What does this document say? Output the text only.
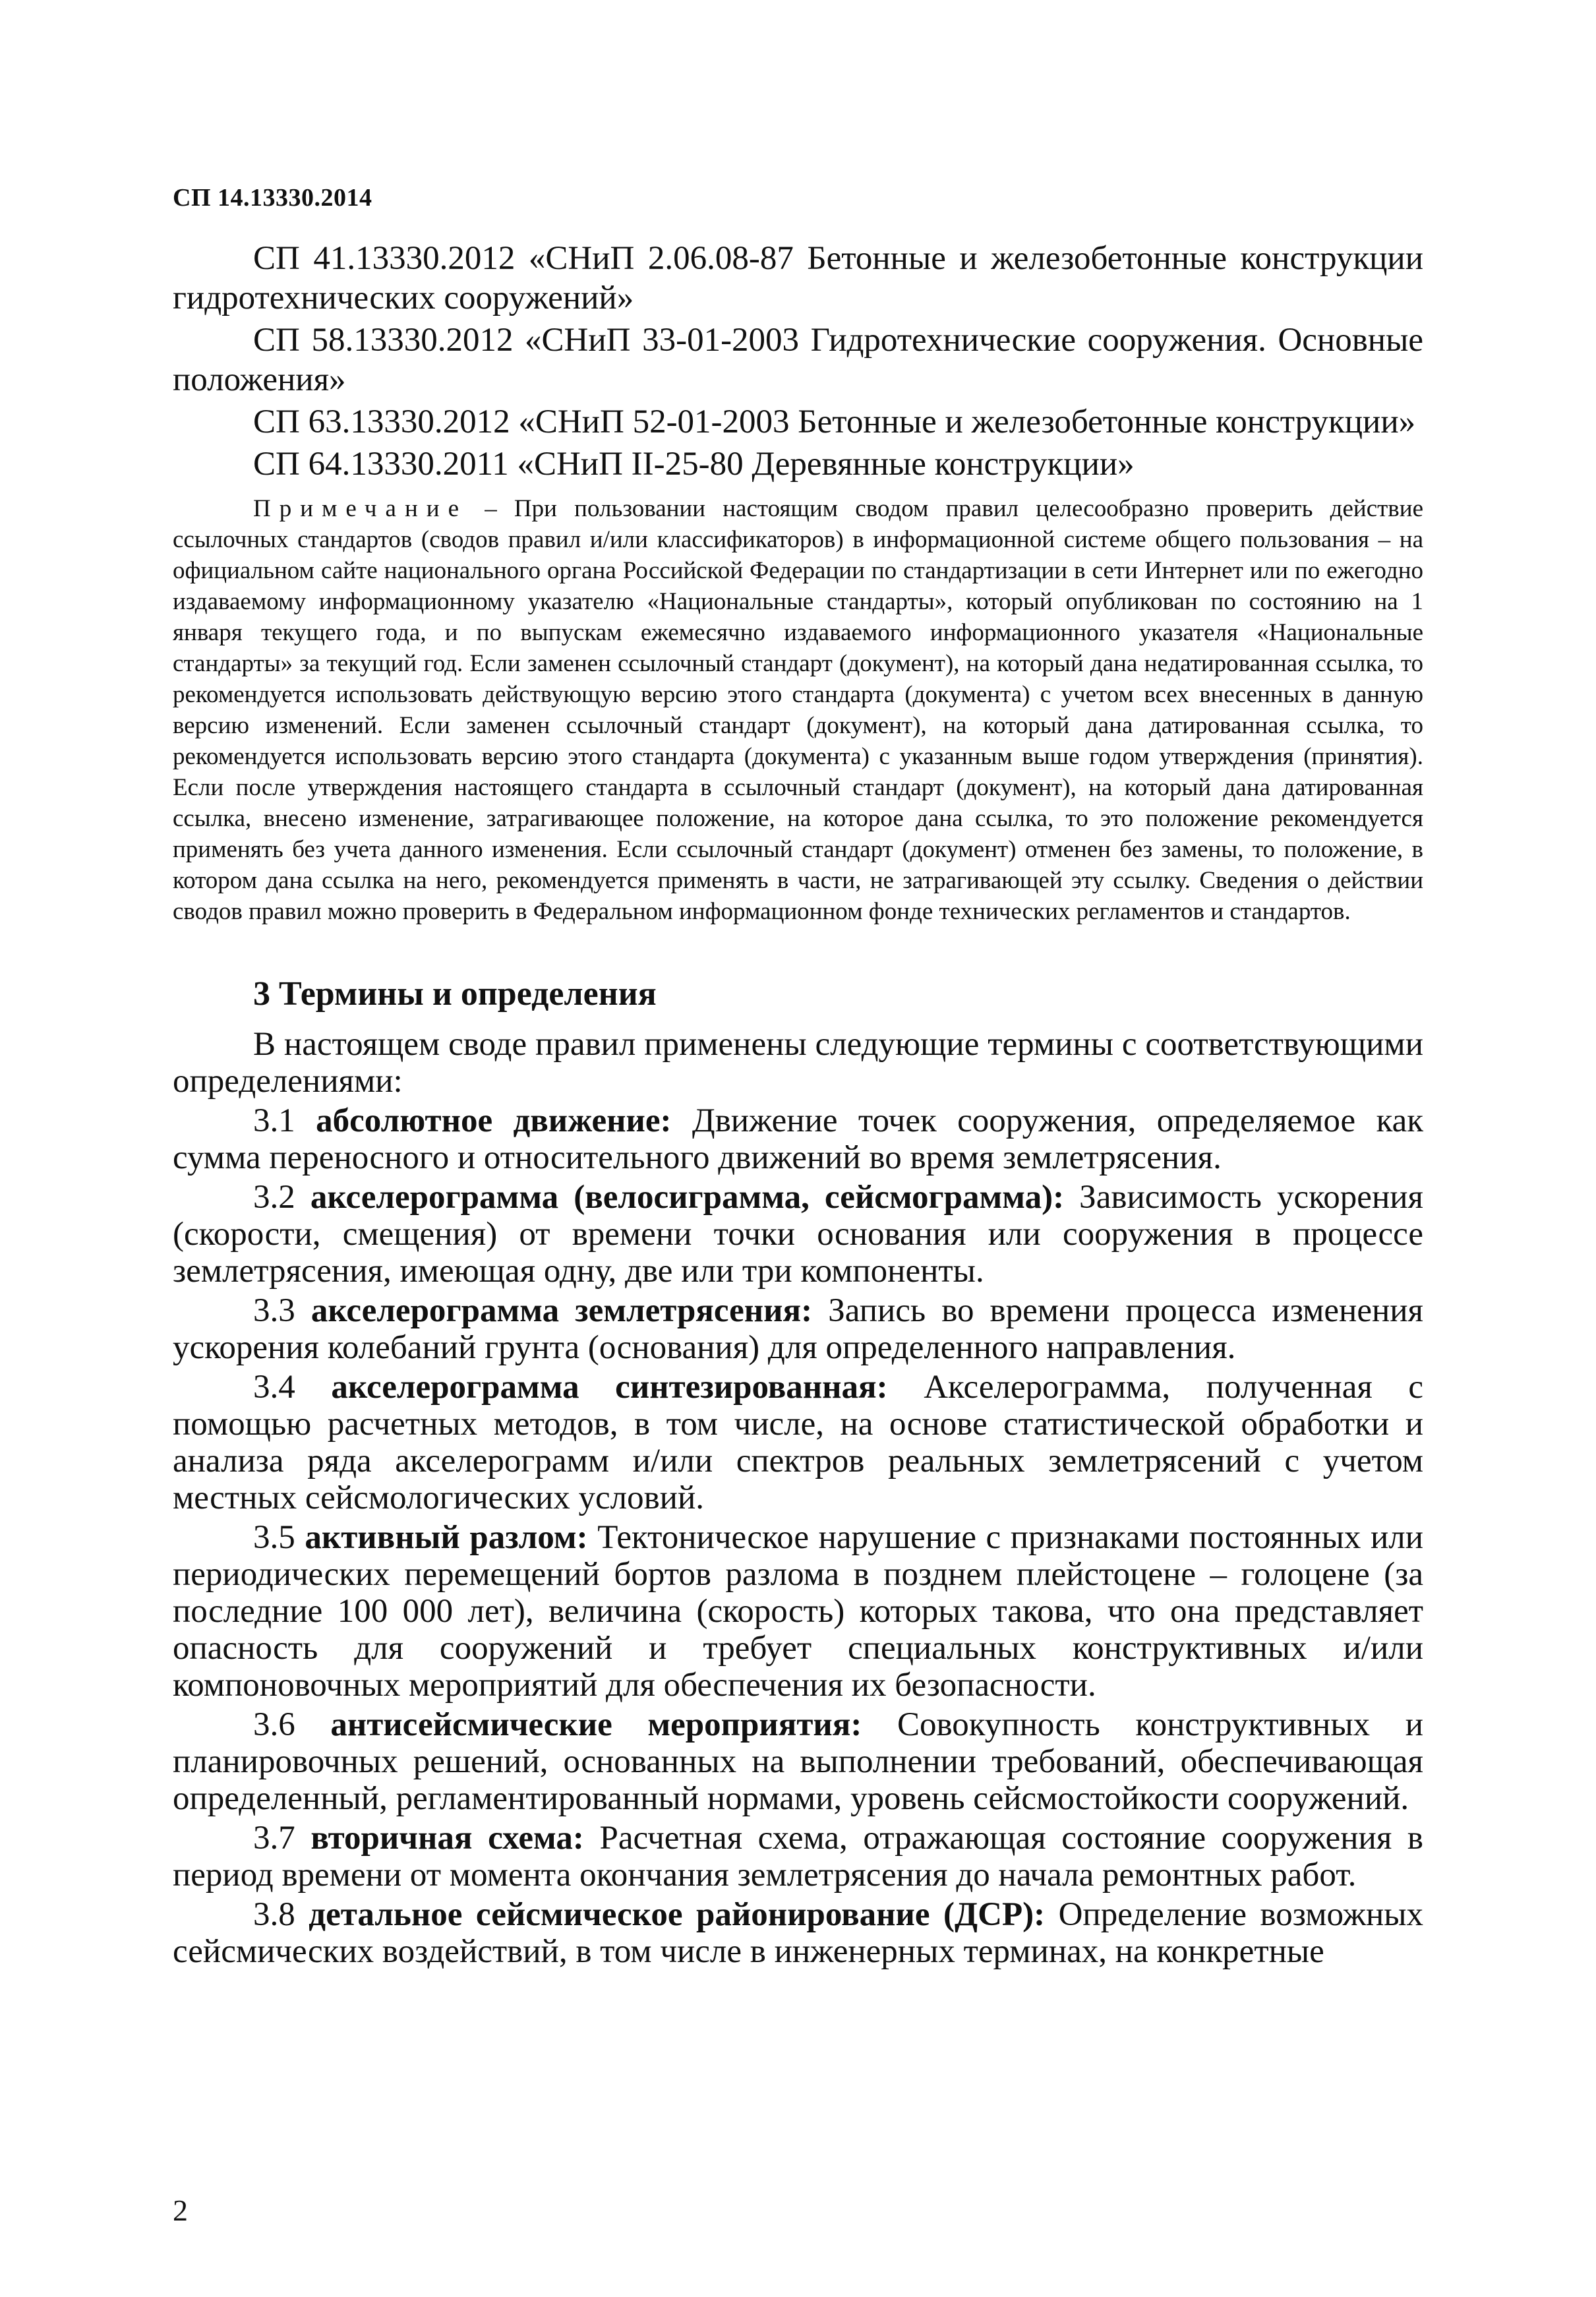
СП 14.13330.2014

СП 41.13330.2012 «СНиП 2.06.08-87 Бетонные и железобетонные конструкции гидротехнических сооружений»

СП 58.13330.2012 «СНиП 33-01-2003 Гидротехнические сооружения. Основные положения»

СП 63.13330.2012 «СНиП 52-01-2003 Бетонные и железобетонные конструкции»

СП 64.13330.2011 «СНиП II-25-80 Деревянные конструкции»

Примечание – При пользовании настоящим сводом правил целесообразно проверить действие ссылочных стандартов (сводов правил и/или классификаторов) в информационной системе общего пользования – на официальном сайте национального органа Российской Федерации по стандартизации в сети Интернет или по ежегодно издаваемому информационному указателю «Национальные стандарты», который опубликован по состоянию на 1 января текущего года, и по выпускам ежемесячно издаваемого информационного указателя «Национальные стандарты» за текущий год. Если заменен ссылочный стандарт (документ), на который дана недатированная ссылка, то рекомендуется использовать действующую версию этого стандарта (документа) с учетом всех внесенных в данную версию изменений. Если заменен ссылочный стандарт (документ), на который дана датированная ссылка, то рекомендуется использовать версию этого стандарта (документа) с указанным выше годом утверждения (принятия). Если после утверждения настоящего стандарта в ссылочный стандарт (документ), на который дана датированная ссылка, внесено изменение, затрагивающее положение, на которое дана ссылка, то это положение рекомендуется применять без учета данного изменения. Если ссылочный стандарт (документ) отменен без замены, то положение, в котором дана ссылка на него, рекомендуется применять в части, не затрагивающей эту ссылку. Сведения о действии сводов правил можно проверить в Федеральном информационном фонде технических регламентов и стандартов.

3 Термины и определения

В настоящем своде правил применены следующие термины с соответствующими определениями:

3.1 абсолютное движение: Движение точек сооружения, определяемое как сумма переносного и относительного движений во время землетрясения.

3.2 акселерограмма (велосиграмма, сейсмограмма): Зависимость ускорения (скорости, смещения) от времени точки основания или сооружения в процессе землетрясения, имеющая одну, две или три компоненты.

3.3 акселерограмма землетрясения: Запись во времени процесса изменения ускорения колебаний грунта (основания) для определенного направления.

3.4 акселерограмма синтезированная: Акселерограмма, полученная с помощью расчетных методов, в том числе, на основе статистической обработки и анализа ряда акселерограмм и/или спектров реальных землетрясений с учетом местных сейсмологических условий.

3.5 активный разлом: Тектоническое нарушение с признаками постоянных или периодических перемещений бортов разлома в позднем плейстоцене – голоцене (за последние 100 000 лет), величина (скорость) которых такова, что она представляет опасность для сооружений и требует специальных конструктивных и/или компоновочных мероприятий для обеспечения их безопасности.

3.6 антисейсмические мероприятия: Совокупность конструктивных и планировочных решений, основанных на выполнении требований, обеспечивающая определенный, регламентированный нормами, уровень сейсмостойкости сооружений.

3.7 вторичная схема: Расчетная схема, отражающая состояние сооружения в период времени от момента окончания землетрясения до начала ремонтных работ.

3.8 детальное сейсмическое районирование (ДСР): Определение возможных сейсмических воздействий, в том числе в инженерных терминах, на конкретные

2
